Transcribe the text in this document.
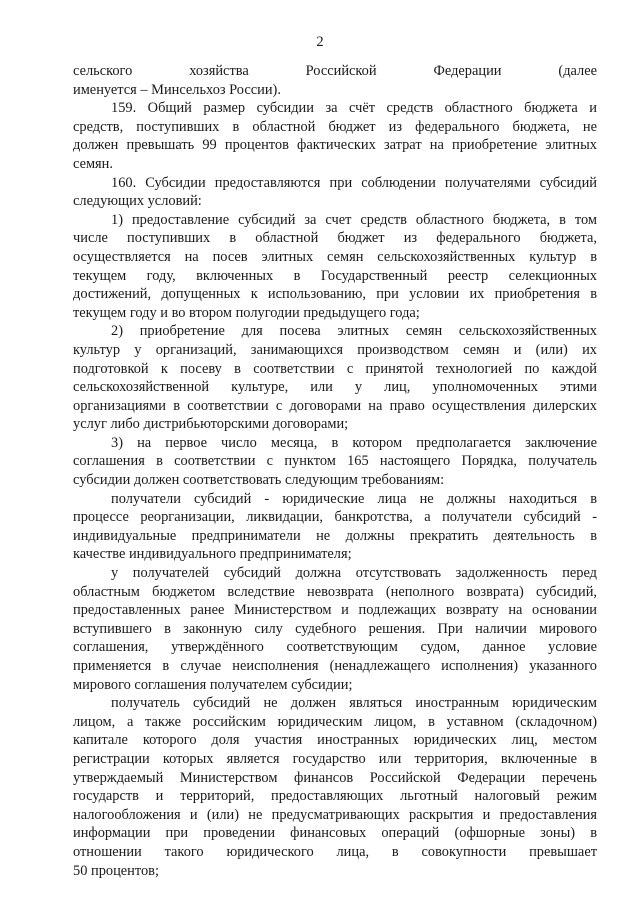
2
сельского хозяйства Российской Федерации (далее
именуется – Минсельхоз России).
159. Общий размер субсидии за счёт средств областного бюджета и
средств, поступивших в областной бюджет из федерального бюджета, не
должен превышать 99 процентов фактических затрат на приобретение элитных
семян.
160. Субсидии предоставляются при соблюдении получателями субсидий
следующих условий:
1) предоставление субсидий за счет средств областного бюджета, в том
числе поступивших в областной бюджет из федерального бюджета,
осуществляется на посев элитных семян сельскохозяйственных культур в
текущем году, включенных в Государственный реестр селекционных
достижений, допущенных к использованию, при условии их приобретения в
текущем году и во втором полугодии предыдущего года;
2) приобретение для посева элитных семян сельскохозяйственных
культур у организаций, занимающихся производством семян и (или) их
подготовкой к посеву в соответствии с принятой технологией по каждой
сельскохозяйственной культуре, или у лиц, уполномоченных этими
организациями в соответствии с договорами на право осуществления дилерских
услуг либо дистрибьюторскими договорами;
3) на первое число месяца, в котором предполагается заключение
соглашения в соответствии с пунктом 165 настоящего Порядка, получатель
субсидии должен соответствовать следующим требованиям:
получатели субсидий - юридические лица не должны находиться в
процессе реорганизации, ликвидации, банкротства, а получатели субсидий -
индивидуальные предприниматели не должны прекратить деятельность в
качестве индивидуального предпринимателя;
у получателей субсидий должна отсутствовать задолженность перед
областным бюджетом вследствие невозврата (неполного возврата) субсидий,
предоставленных ранее Министерством и подлежащих возврату на основании
вступившего в законную силу судебного решения. При наличии мирового
соглашения, утверждённого соответствующим судом, данное условие
применяется в случае неисполнения (ненадлежащего исполнения) указанного
мирового соглашения получателем субсидии;
получатель субсидий не должен являться иностранным юридическим
лицом, а также российским юридическим лицом, в уставном (складочном)
капитале которого доля участия иностранных юридических лиц, местом
регистрации которых является государство или территория, включенные в
утверждаемый Министерством финансов Российской Федерации перечень
государств и территорий, предоставляющих льготный налоговый режим
налогообложения и (или) не предусматривающих раскрытия и предоставления
информации при проведении финансовых операций (офшорные зоны) в
отношении такого юридического лица, в совокупности превышает
50 процентов;
